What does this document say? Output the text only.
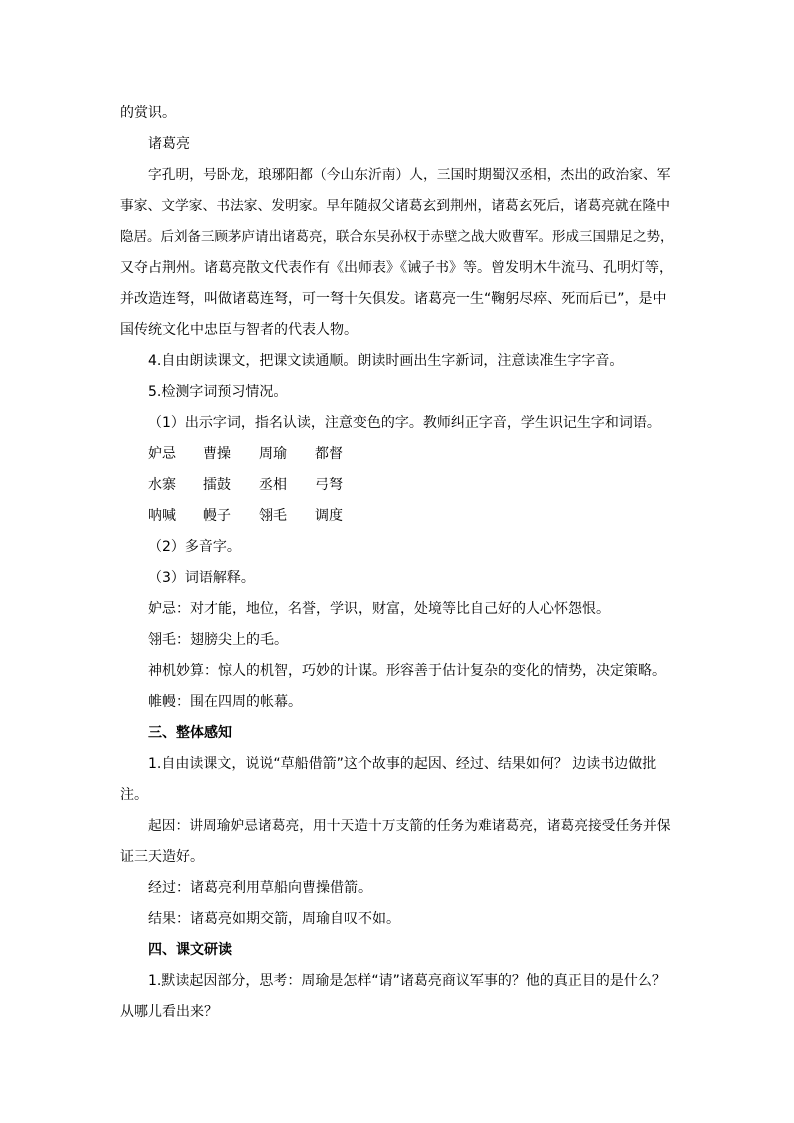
的赏识。

诸葛亮

字孔明，号卧龙，琅琊阳都（今山东沂南）人，三国时期蜀汉丞相，杰出的政治家、军

事家、文学家、书法家、发明家。早年随叔父诸葛玄到荆州，诸葛玄死后，诸葛亮就在隆中

隐居。后刘备三顾茅庐请出诸葛亮，联合东吴孙权于赤壁之战大败曹军。形成三国鼎足之势，

又夺占荆州。诸葛亮散文代表作有《出师表》《诫子书》等。曾发明木牛流马、孔明灯等，

并改造连弩，叫做诸葛连弩，可一弩十矢俱发。诸葛亮一生“鞠躬尽瘁、死而后已”，是中

国传统文化中忠臣与智者的代表人物。

4.自由朗读课文，把课文读通顺。朗读时画出生字新词，注意读准生字字音。

5.检测字词预习情况。

（1）出示字词，指名认读，注意变色的字。教师纠正字音，学生识记生字和词语。

妒忌 曹操 周瑜 都督
水寨 擂鼓 丞相 弓弩
呐喊 幔子 翎毛 调度

（2）多音字。

（3）词语解释。

妒忌：对才能，地位，名誉，学识，财富，处境等比自己好的人心怀怨恨。

翎毛：翅膀尖上的毛。

神机妙算：惊人的机智，巧妙的计谋。形容善于估计复杂的变化的情势，决定策略。

帷幔：围在四周的帐幕。

三、整体感知

1.自由读课文，说说“草船借箭”这个故事的起因、经过、结果如何？ 边读书边做批

注。

起因：讲周瑜妒忌诸葛亮，用十天造十万支箭的任务为难诸葛亮，诸葛亮接受任务并保

证三天造好。

经过：诸葛亮利用草船向曹操借箭。

结果：诸葛亮如期交箭，周瑜自叹不如。

四、课文研读

1.默读起因部分，思考：周瑜是怎样“请”诸葛亮商议军事的？他的真正目的是什么？

从哪儿看出来？
